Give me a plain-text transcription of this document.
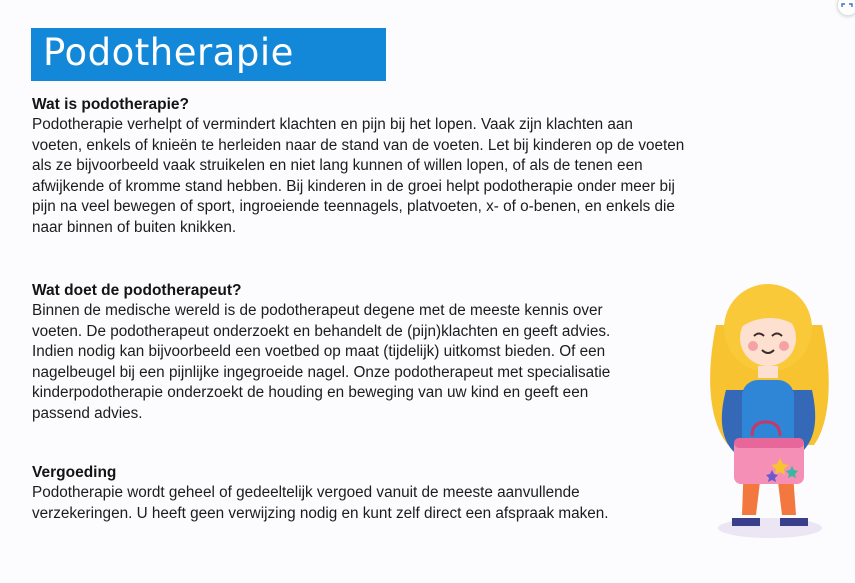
Podotherapie

Wat is podotherapie?

Podotherapie verhelpt of vermindert klachten en pijn bij het lopen. Vaak zijn klachten aan
voeten, enkels of knieën te herleiden naar de stand van de voeten. Let bij kinderen op de voeten
als ze bijvoorbeeld vaak struikelen en niet lang kunnen of willen lopen, of als de tenen een
afwijkende of kromme stand hebben. Bij kinderen in de groei helpt podotherapie onder meer bij
pijn na veel bewegen of sport, ingroeiende teennagels, platvoeten, x- of o-benen, en enkels die
naar binnen of buiten knikken.

Wat doet de podotherapeut?

Binnen de medische wereld is de podotherapeut degene met de meeste kennis over
voeten. De podotherapeut onderzoekt en behandelt de (pijn)klachten en geeft advies.
Indien nodig kan bijvoorbeeld een voetbed op maat (tijdelijk) uitkomst bieden. Of een
nagelbeugel bij een pijnlijke ingegroeide nagel. Onze podotherapeut met specialisatie
kinderpodotherapie onderzoekt de houding en beweging van uw kind en geeft een
passend advies.

Vergoeding

Podotherapie wordt geheel of gedeeltelijk vergoed vanuit de meeste aanvullende
verzekeringen. U heeft geen verwijzing nodig en kunt zelf direct een afspraak maken.
